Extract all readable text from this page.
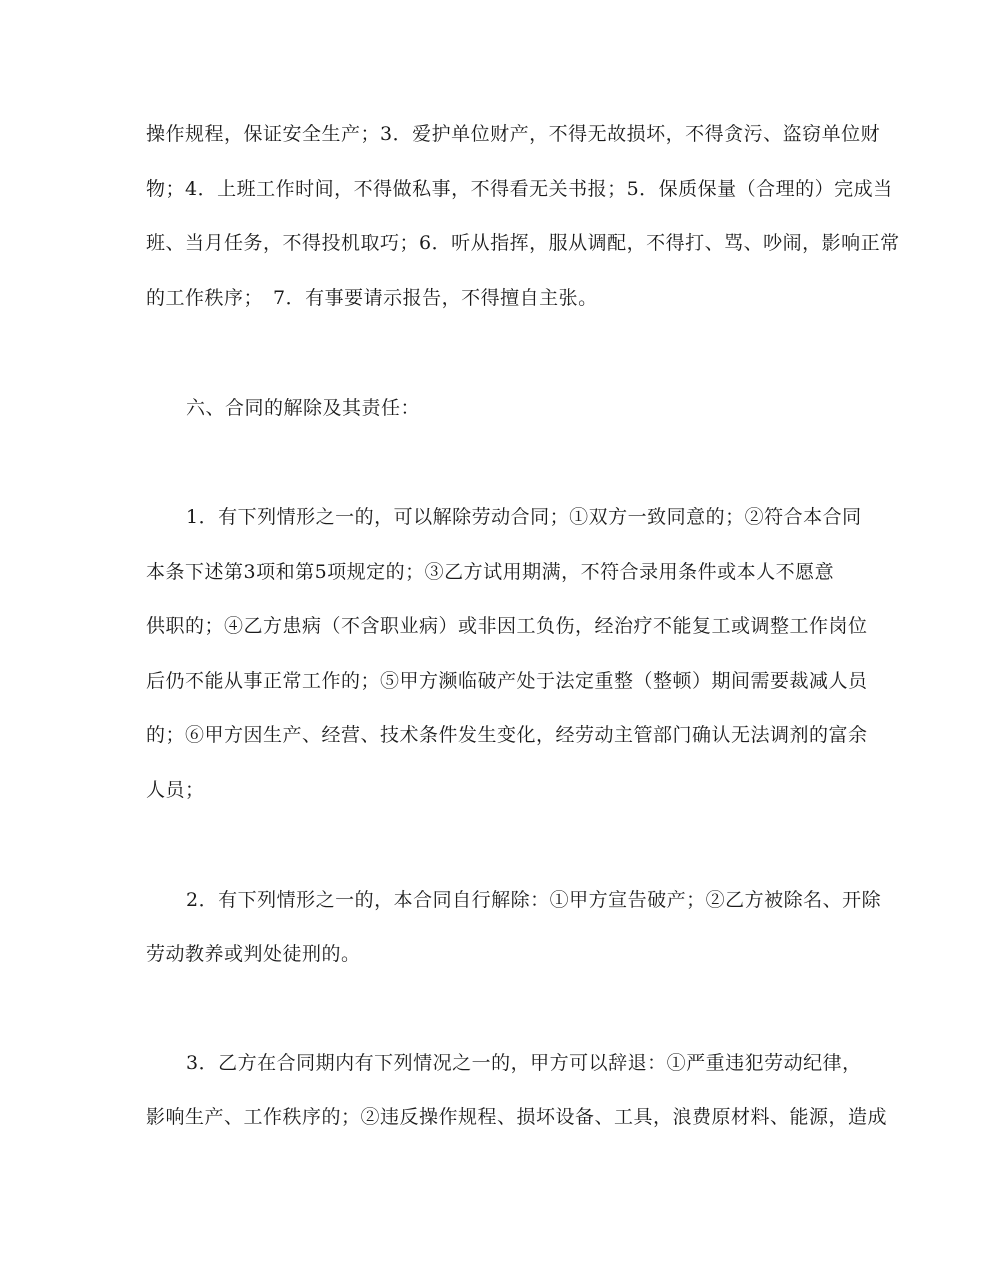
操作规程，保证安全生产；3．爱护单位财产，不得无故损坏，不得贪污、盗窃单位财
物；4．上班工作时间，不得做私事，不得看无关书报；5．保质保量（合理的）完成当
班、当月任务，不得投机取巧；6．听从指挥，服从调配，不得打、骂、吵闹，影响正常
的工作秩序；　7．有事要请示报告，不得擅自主张。
六、合同的解除及其责任：
1．有下列情形之一的，可以解除劳动合同；①双方一致同意的；②符合本合同
本条下述第3项和第5项规定的；③乙方试用期满，不符合录用条件或本人不愿意
供职的；④乙方患病（不含职业病）或非因工负伤，经治疗不能复工或调整工作岗位
后仍不能从事正常工作的；⑤甲方濒临破产处于法定重整（整顿）期间需要裁减人员
的；⑥甲方因生产、经营、技术条件发生变化，经劳动主管部门确认无法调剂的富余
人员；
2．有下列情形之一的，本合同自行解除：①甲方宣告破产；②乙方被除名、开除
劳动教养或判处徒刑的。
3．乙方在合同期内有下列情况之一的，甲方可以辞退：①严重违犯劳动纪律，
影响生产、工作秩序的；②违反操作规程、损坏设备、工具，浪费原材料、能源，造成
